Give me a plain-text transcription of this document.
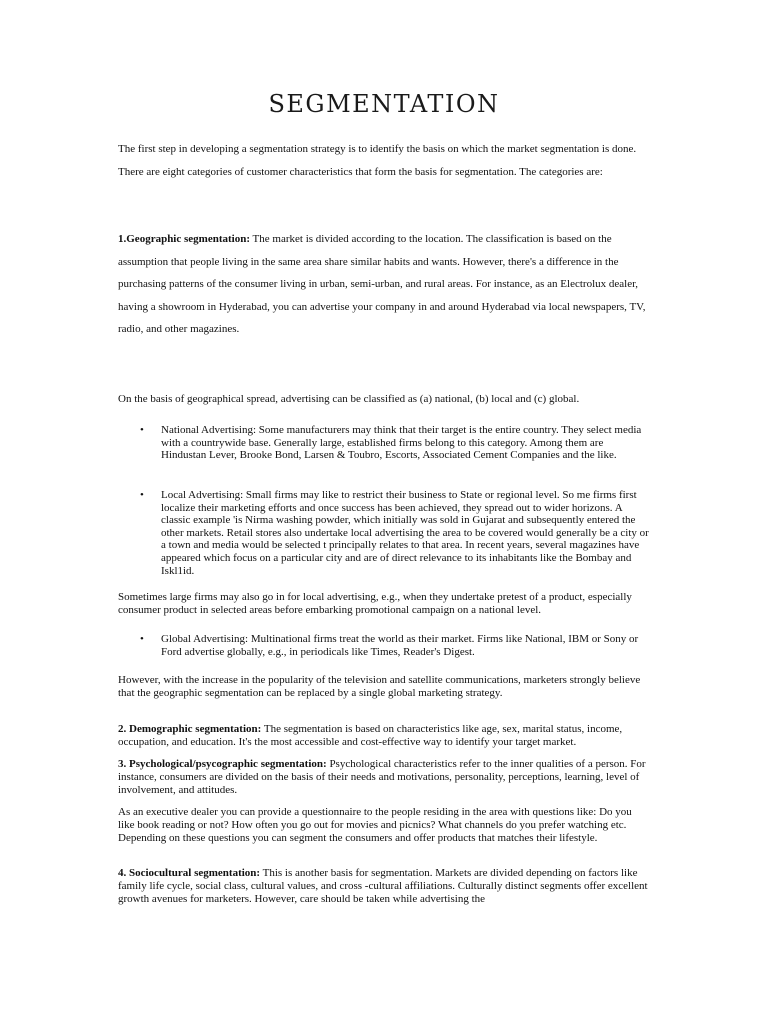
SEGMENTATION
The first step in developing a segmentation strategy is to identify the basis on which the market segmentation is done. There are eight categories of customer characteristics that form the basis for segmentation. The categories are:
1.Geographic segmentation: The market is divided according to the location. The classification is based on the assumption that people living in the same area share similar habits and wants. However, there's a difference in the purchasing patterns of the consumer living in urban, semi-urban, and rural areas. For instance, as an Electrolux dealer, having a showroom in Hyderabad, you can advertise your company in and around Hyderabad via local newspapers, TV, radio, and other magazines.
On the basis of geographical spread, advertising can be classified as (a) national, (b) local and (c) global.
• National Advertising: Some manufacturers may think that their target is the entire country. They select media with a countrywide base. Generally large, established firms belong to this category. Among them are Hindustan Lever, Brooke Bond, Larsen & Toubro, Escorts, Associated Cement Companies and the like.
• Local Advertising: Small firms may like to restrict their business to State or regional level. So me firms first localize their marketing efforts and once success has been achieved, they spread out to wider horizons. A classic example 'is Nirma washing powder, which initially was sold in Gujarat and subsequently entered the other markets. Retail stores also undertake local advertising the area to be covered would generally be a city or a town and media would be selected t principally relates to that area. In recent years, several magazines have appeared which focus on a particular city and are of direct relevance to its inhabitants like the Bombay and Iskl1id.
Sometimes large firms may also go in for local advertising, e.g., when they undertake pretest of a product, especially consumer product in selected areas before embarking promotional campaign on a national level.
• Global Advertising: Multinational firms treat the world as their market. Firms like National, IBM or Sony or Ford advertise globally, e.g., in periodicals like Times, Reader's Digest.
However, with the increase in the popularity of the television and satellite communications, marketers strongly believe that the geographic segmentation can be replaced by a single global marketing strategy.
2. Demographic segmentation: The segmentation is based on characteristics like age, sex, marital status, income, occupation, and education. It's the most accessible and cost-effective way to identify your target market.
3. Psychological/psycographic segmentation: Psychological characteristics refer to the inner qualities of a person. For instance, consumers are divided on the basis of their needs and motivations, personality, perceptions, learning, level of involvement, and attitudes.
As an executive dealer you can provide a questionnaire to the people residing in the area with questions like: Do you like book reading or not? How often you go out for movies and picnics? What channels do you prefer watching etc. Depending on these questions you can segment the consumers and offer products that matches their lifestyle.
4. Sociocultural segmentation: This is another basis for segmentation. Markets are divided depending on factors like family life cycle, social class, cultural values, and cross -cultural affiliations. Culturally distinct segments offer excellent growth avenues for marketers. However, care should be taken while advertising the
